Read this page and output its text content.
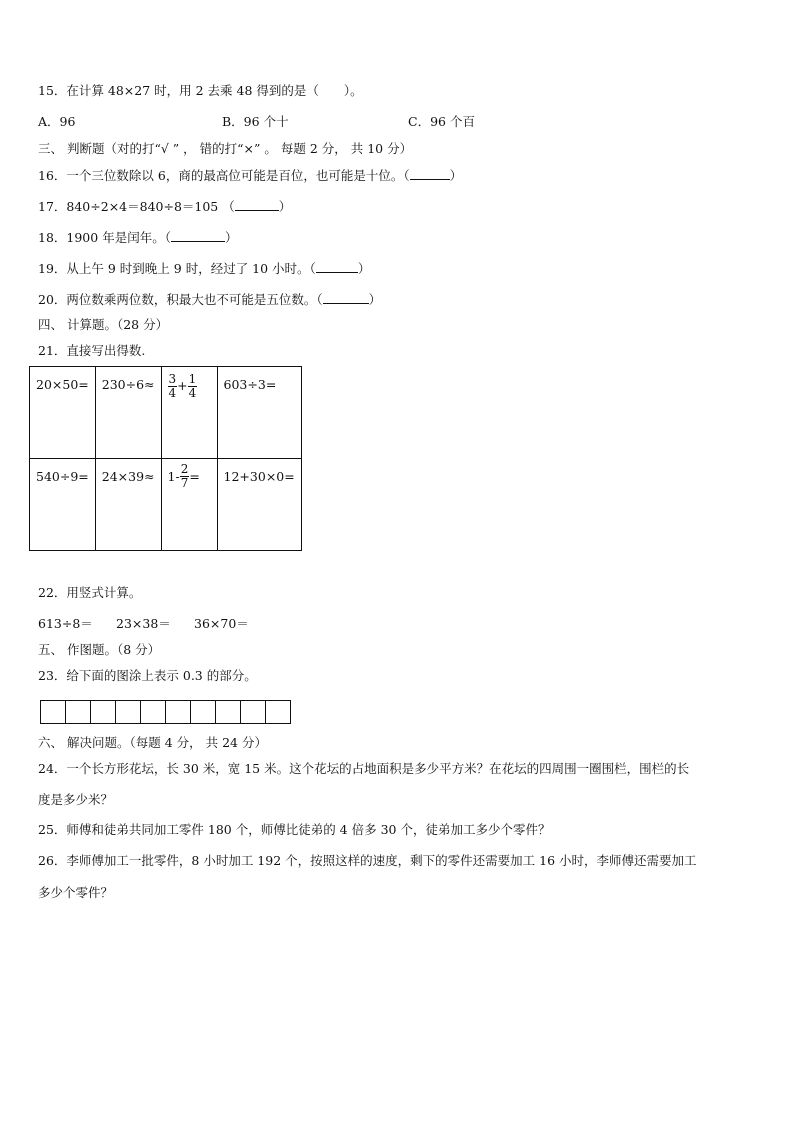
15．在计算 48×27 时，用 2 去乘 48 得到的是（　　）。
A．96	B．96 个十	C．96 个百
三、 判断题（对的打“√ ” ， 错的打“×” 。 每题 2 分， 共 10 分）
16．一个三位数除以 6，商的最高位可能是百位，也可能是十位。（	）
17．840÷2×4＝840÷8＝105 （	）
18．1900 年是闰年。（	）
19．从上午 9 时到晚上 9 时，经过了 10 小时。（	）
20．两位数乘两位数，积最大也不可能是五位数。（	）
四、 计算题。（28 分）
21．直接写出得数.
20×50=	230÷6≈	$\frac{3}{4} + \frac{1}{4}$	603÷3=
540÷9=	24×39≈	$1- \frac{2}{7}$ =	12+30×0=
22．用竖式计算。
613÷8＝ 23×38＝ 36×70＝
五、 作图题。（8 分）
23．给下面的图涂上表示 0.3 的部分。
六、 解决问题。（每题 4 分， 共 24 分）
24．一个长方形花坛，长 30 米，宽 15 米。这个花坛的占地面积是多少平方米？在花坛的四周围一圈围栏，围栏的长
度是多少米？
25．师傅和徒弟共同加工零件 180 个，师傅比徒弟的 4 倍多 30 个，徒弟加工多少个零件？
26．李师傅加工一批零件，8 小时加工 192 个，按照这样的速度，剩下的零件还需要加工 16 小时，李师傅还需要加工
多少个零件？
